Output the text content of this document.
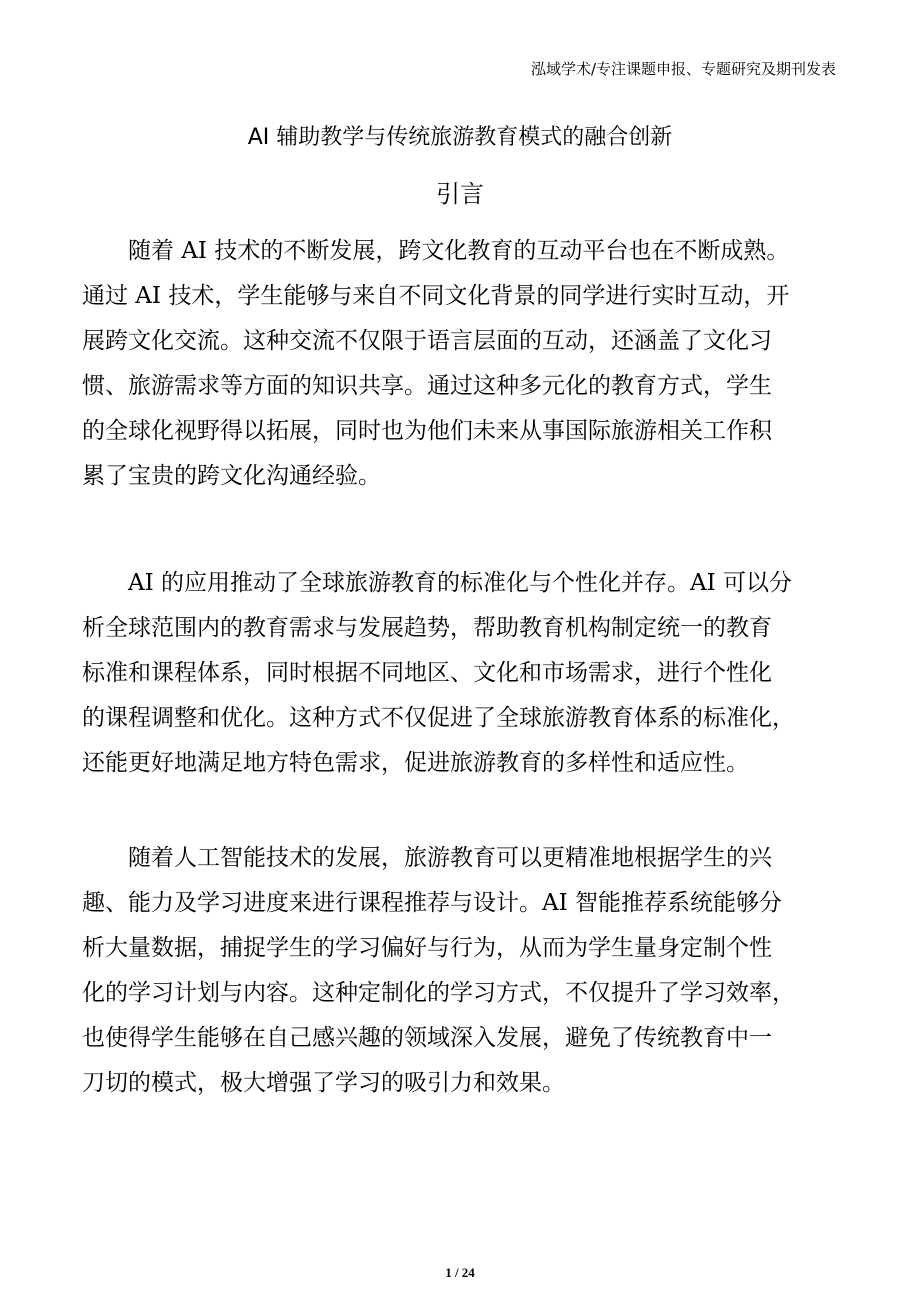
泓域学术/专注课题申报、专题研究及期刊发表
AI 辅助教学与传统旅游教育模式的融合创新
引言
随着 AI 技术的不断发展，跨文化教育的互动平台也在不断成熟。
通过 AI 技术，学生能够与来自不同文化背景的同学进行实时互动，开
展跨文化交流。这种交流不仅限于语言层面的互动，还涵盖了文化习
惯、旅游需求等方面的知识共享。通过这种多元化的教育方式，学生
的全球化视野得以拓展，同时也为他们未来从事国际旅游相关工作积
累了宝贵的跨文化沟通经验。
AI 的应用推动了全球旅游教育的标准化与个性化并存。AI 可以分
析全球范围内的教育需求与发展趋势，帮助教育机构制定统一的教育
标准和课程体系，同时根据不同地区、文化和市场需求，进行个性化
的课程调整和优化。这种方式不仅促进了全球旅游教育体系的标准化，
还能更好地满足地方特色需求，促进旅游教育的多样性和适应性。
随着人工智能技术的发展，旅游教育可以更精准地根据学生的兴
趣、能力及学习进度来进行课程推荐与设计。AI 智能推荐系统能够分
析大量数据，捕捉学生的学习偏好与行为，从而为学生量身定制个性
化的学习计划与内容。这种定制化的学习方式，不仅提升了学习效率，
也使得学生能够在自己感兴趣的领域深入发展，避免了传统教育中一
刀切的模式，极大增强了学习的吸引力和效果。
1 / 24
